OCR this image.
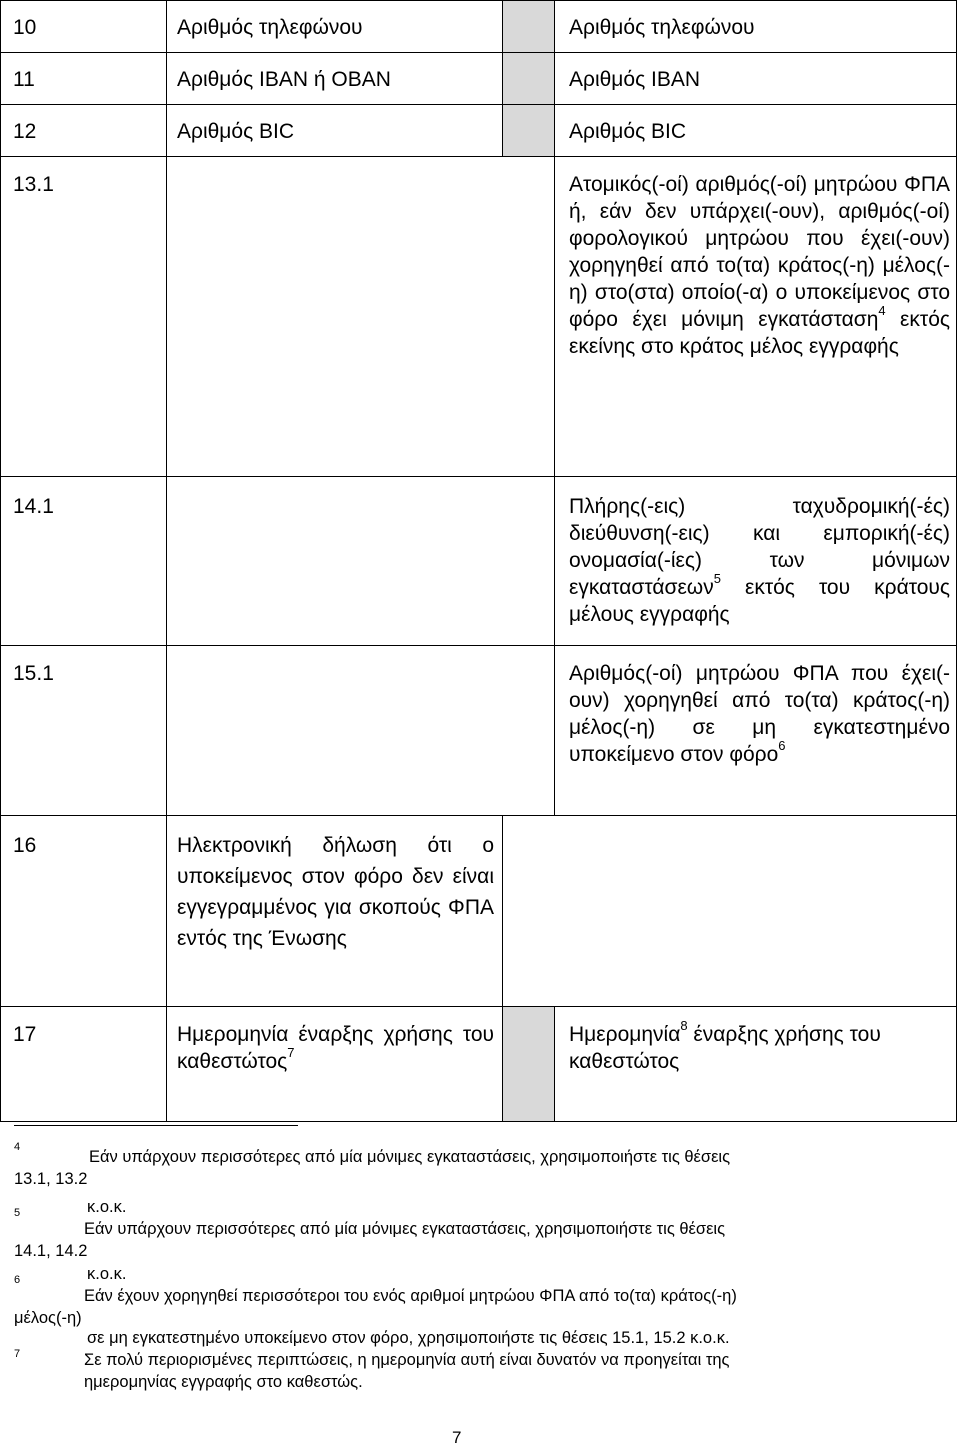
10	Αριθμός τηλεφώνου		Αριθμός τηλεφώνου
11	Αριθμός IBAN ή OBAN		Αριθμός IBAN
12	Αριθμός BIC		Αριθμός BIC
13.1			Ατομικός(-οί) αριθμός(-οί) μητρώου ΦΠΑ ή, εάν δεν υπάρχει(-ουν), αριθμός(-οί) φορολογικού μητρώου που έχει(-ουν) χορηγηθεί από το(τα) κράτος(-η) μέλος(-η) στο(στα) οποίο(-α) ο υποκείμενος στο φόρο έχει μόνιμη εγκατάσταση$^4$ εκτός εκείνης στο κράτος μέλος εγγραφής
14.1			Πλήρης(-εις) ταχυδρομική(-ές) διεύθυνση(-εις) και εμπορική(-ές) ονομασία(-ίες) των μόνιμων εγκαταστάσεων$^5$ εκτός του κράτους μέλους εγγραφής
15.1			Αριθμός(-οί) μητρώου ΦΠΑ που έχει(-ουν) χορηγηθεί από το(τα) κράτος(-η) μέλος(-η) σε μη εγκατεστημένο υποκείμενο στον φόρο$^6$
16	Ηλεκτρονική δήλωση ότι ο υποκείμενος στον φόρο δεν είναι εγγεγραμμένος για σκοπούς ΦΠΑ εντός της Ένωσης		
17	Ημερομηνία έναρξης χρήσης του καθεστώτος$^7$		Ημερομηνία$^8$ έναρξης χρήσης του καθεστώτος
4
Εάν υπάρχουν περισσότερες από μία μόνιμες εγκαταστάσεις, χρησιμοποιήστε τις θέσεις
13.1, 13.2
5	κ.ο.κ.
Εάν υπάρχουν περισσότερες από μία μόνιμες εγκαταστάσεις, χρησιμοποιήστε τις θέσεις
14.1, 14.2
6	κ.ο.κ.
Εάν έχουν χορηγηθεί περισσότεροι του ενός αριθμοί μητρώου ΦΠΑ από το(τα) κράτος(-η)
μέλος(-η)
7
σε μη εγκατεστημένο υποκείμενο στον φόρο, χρησιμοποιήστε τις θέσεις 15.1, 15.2 κ.ο.κ.
Σε πολύ περιορισμένες περιπτώσεις, η ημερομηνία αυτή είναι δυνατόν να προηγείται της
ημερομηνίας εγγραφής στο καθεστώς.
7
